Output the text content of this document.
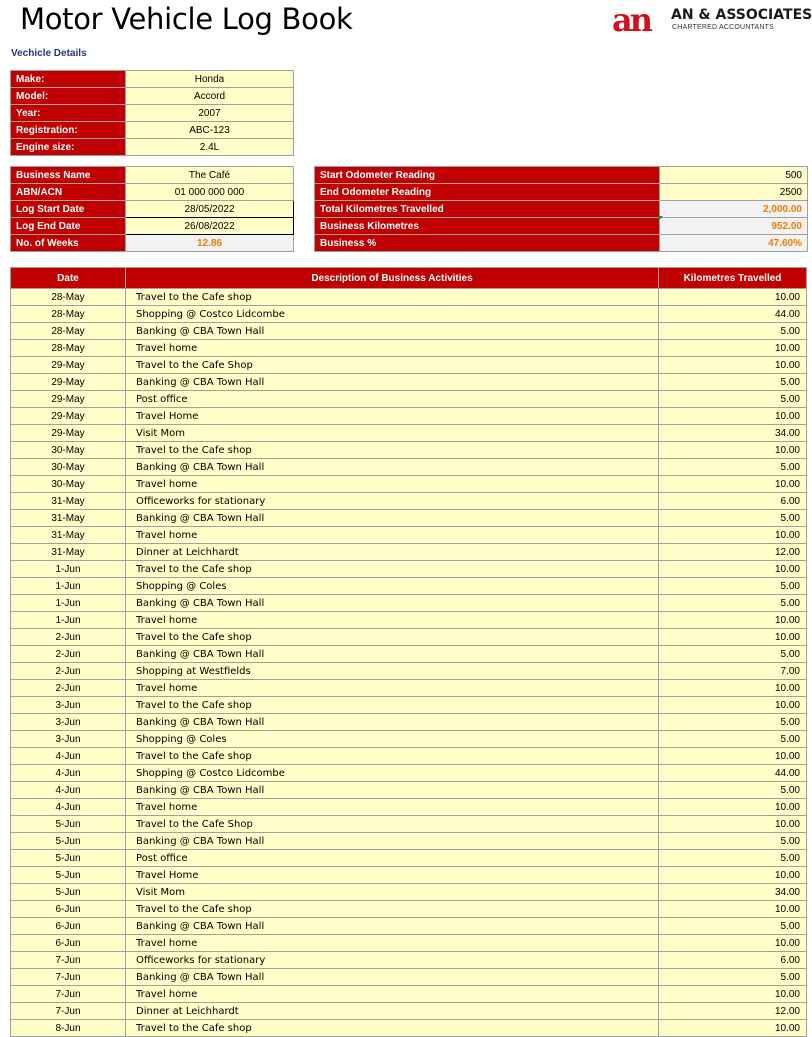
Motor Vehicle Log Book	an AN & ASSOCIATES
CHARTERED ACCOUNTANTS
Vechicle Details
Make:	Honda
Model:	Accord
Year:	2007
Registration:	ABC-123
Engine size:	2.4L
Business Name	The Café
ABN/ACN	01 000 000 000
Log Start Date	28/05/2022
Log End Date	26/08/2022
No. of Weeks	12.86
Start Odometer Reading	500
End Odometer Reading	2500
Total Kilometres Travelled	2,000.00
Business Kilometres	952.00
Business %	47.60%
Date	Description of Business Activities	Kilometres Travelled
28-May	Travel to the Cafe shop	10.00
28-May	Shopping @ Costco Lidcombe	44.00
28-May	Banking @ CBA Town Hall	5.00
28-May	Travel home	10.00
29-May	Travel to the Cafe Shop	10.00
29-May	Banking @ CBA Town Hall	5.00
29-May	Post office	5.00
29-May	Travel Home	10.00
29-May	Visit Mom	34.00
30-May	Travel to the Cafe shop	10.00
30-May	Banking @ CBA Town Hall	5.00
30-May	Travel home	10.00
31-May	Officeworks for stationary	6.00
31-May	Banking @ CBA Town Hall	5.00
31-May	Travel home	10.00
31-May	Dinner at Leichhardt	12.00
1-Jun	Travel to the Cafe shop	10.00
1-Jun	Shopping @ Coles	5.00
1-Jun	Banking @ CBA Town Hall	5.00
1-Jun	Travel home	10.00
2-Jun	Travel to the Cafe shop	10.00
2-Jun	Banking @ CBA Town Hall	5.00
2-Jun	Shopping at Westfields	7.00
2-Jun	Travel home	10.00
3-Jun	Travel to the Cafe shop	10.00
3-Jun	Banking @ CBA Town Hall	5.00
3-Jun	Shopping @ Coles	5.00
4-Jun	Travel to the Cafe shop	10.00
4-Jun	Shopping @ Costco Lidcombe	44.00
4-Jun	Banking @ CBA Town Hall	5.00
4-Jun	Travel home	10.00
5-Jun	Travel to the Cafe Shop	10.00
5-Jun	Banking @ CBA Town Hall	5.00
5-Jun	Post office	5.00
5-Jun	Travel Home	10.00
5-Jun	Visit Mom	34.00
6-Jun	Travel to the Cafe shop	10.00
6-Jun	Banking @ CBA Town Hall	5.00
6-Jun	Travel home	10.00
7-Jun	Officeworks for stationary	6.00
7-Jun	Banking @ CBA Town Hall	5.00
7-Jun	Travel home	10.00
7-Jun	Dinner at Leichhardt	12.00
8-Jun	Travel to the Cafe shop	10.00
